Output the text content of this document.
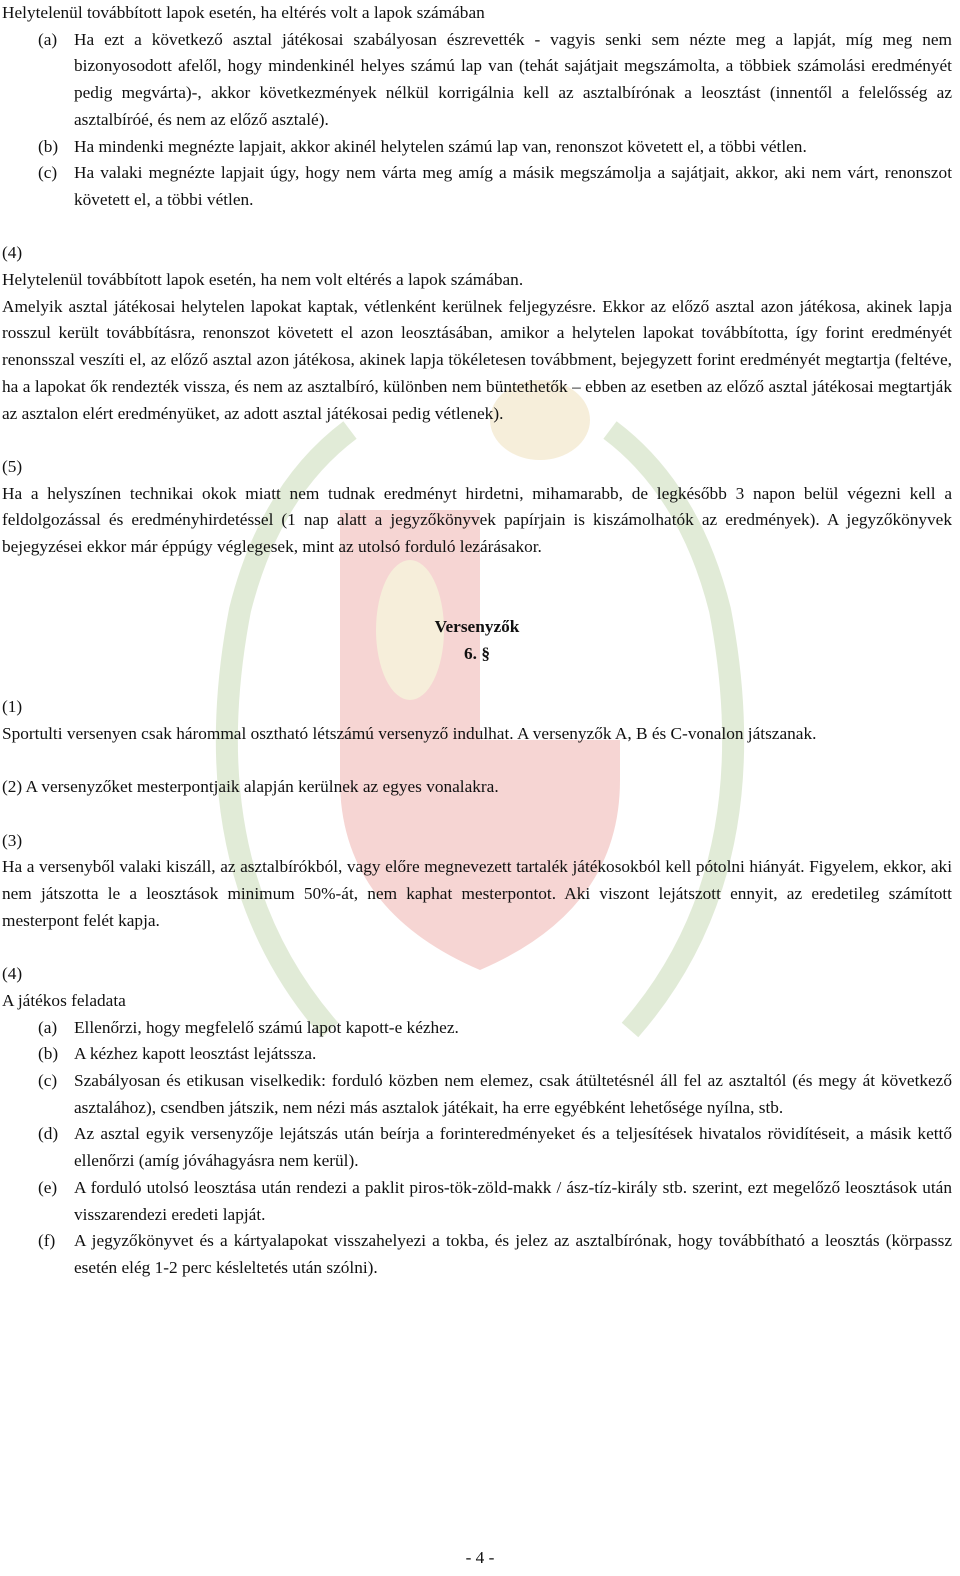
Helytelenül továbbított lapok esetén, ha eltérés volt a lapok számában

(a) Ha ezt a következő asztal játékosai szabályosan észrevették - vagyis senki sem nézte meg a lapját, míg meg nem bizonyosodott afelől, hogy mindenkinél helyes számú lap van (tehát sajátjait megszámolta, a többiek számolási eredményét pedig megvárta)-, akkor következmények nélkül korrigálnia kell az asztalbírónak a leosztást (innentől a felelősség az asztalbíróé, és nem az előző asztalé).
(b) Ha mindenki megnézte lapjait, akkor akinél helytelen számú lap van, renonszot követett el, a többi vétlen.
(c) Ha valaki megnézte lapjait úgy, hogy nem várta meg amíg a másik megszámolja a sajátjait, akkor, aki nem várt, renonszot követett el, a többi vétlen.

(4)

Helytelenül továbbított lapok esetén, ha nem volt eltérés a lapok számában.

Amelyik asztal játékosai helytelen lapokat kaptak, vétlenként kerülnek feljegyzésre. Ekkor az előző asztal azon játékosa, akinek lapja rosszul került továbbításra, renonszot követett el azon leosztásában, amikor a helytelen lapokat továbbította, így forint eredményét renonsszal veszíti el, az előző asztal azon játékosa, akinek lapja tökéletesen továbbment, bejegyzett forint eredményét megtartja (feltéve, ha a lapokat ők rendezték vissza, és nem az asztalbíró, különben nem büntethetők – ebben az esetben az előző asztal játékosai megtartják az asztalon elért eredményüket, az adott asztal játékosai pedig vétlenek).

(5)

Ha a helyszínen technikai okok miatt nem tudnak eredményt hirdetni, mihamarabb, de legkésőbb 3 napon belül végezni kell a feldolgozással és eredményhirdetéssel (1 nap alatt a jegyzőkönyvek papírjain is kiszámolhatók az eredmények). A jegyzőkönyvek bejegyzései ekkor már éppúgy véglegesek, mint az utolsó forduló lezárásakor.

Versenyzők

6. §

(1)

Sportulti versenyen csak hárommal osztható létszámú versenyző indulhat. A versenyzők A, B és C-vonalon játszanak.

(2) A versenyzőket mesterpontjaik alapján kerülnek az egyes vonalakra.

(3)

Ha a versenyből valaki kiszáll, az asztalbírókból, vagy előre megnevezett tartalék játékosokból kell pótolni hiányát. Figyelem, ekkor, aki nem játszotta le a leosztások minimum 50%-át, nem kaphat mesterpontot. Aki viszont lejátszott ennyit, az eredetileg számított mesterpont felét kapja.

(4)

A játékos feladata

(a) Ellenőrzi, hogy megfelelő számú lapot kapott-e kézhez.
(b) A kézhez kapott leosztást lejátssza.
(c) Szabályosan és etikusan viselkedik: forduló közben nem elemez, csak átültetésnél áll fel az asztaltól (és megy át következő asztalához), csendben játszik, nem nézi más asztalok játékait, ha erre egyébként lehetősége nyílna, stb.
(d) Az asztal egyik versenyzője lejátszás után beírja a forinteredményeket és a teljesítések hivatalos rövidítéseit, a másik kettő ellenőrzi (amíg jóváhagyásra nem kerül).
(e) A forduló utolsó leosztása után rendezi a paklit piros-tök-zöld-makk / ász-tíz-király stb. szerint, ezt megelőző leosztások után visszarendezi eredeti lapját.
(f)	A jegyzőkönyvet és a kártyalapokat visszahelyezi a tokba, és jelez az asztalbírónak, hogy továbbítható a leosztás (körpassz esetén elég 1-2 perc késleltetés után szólni).
- 4 -
